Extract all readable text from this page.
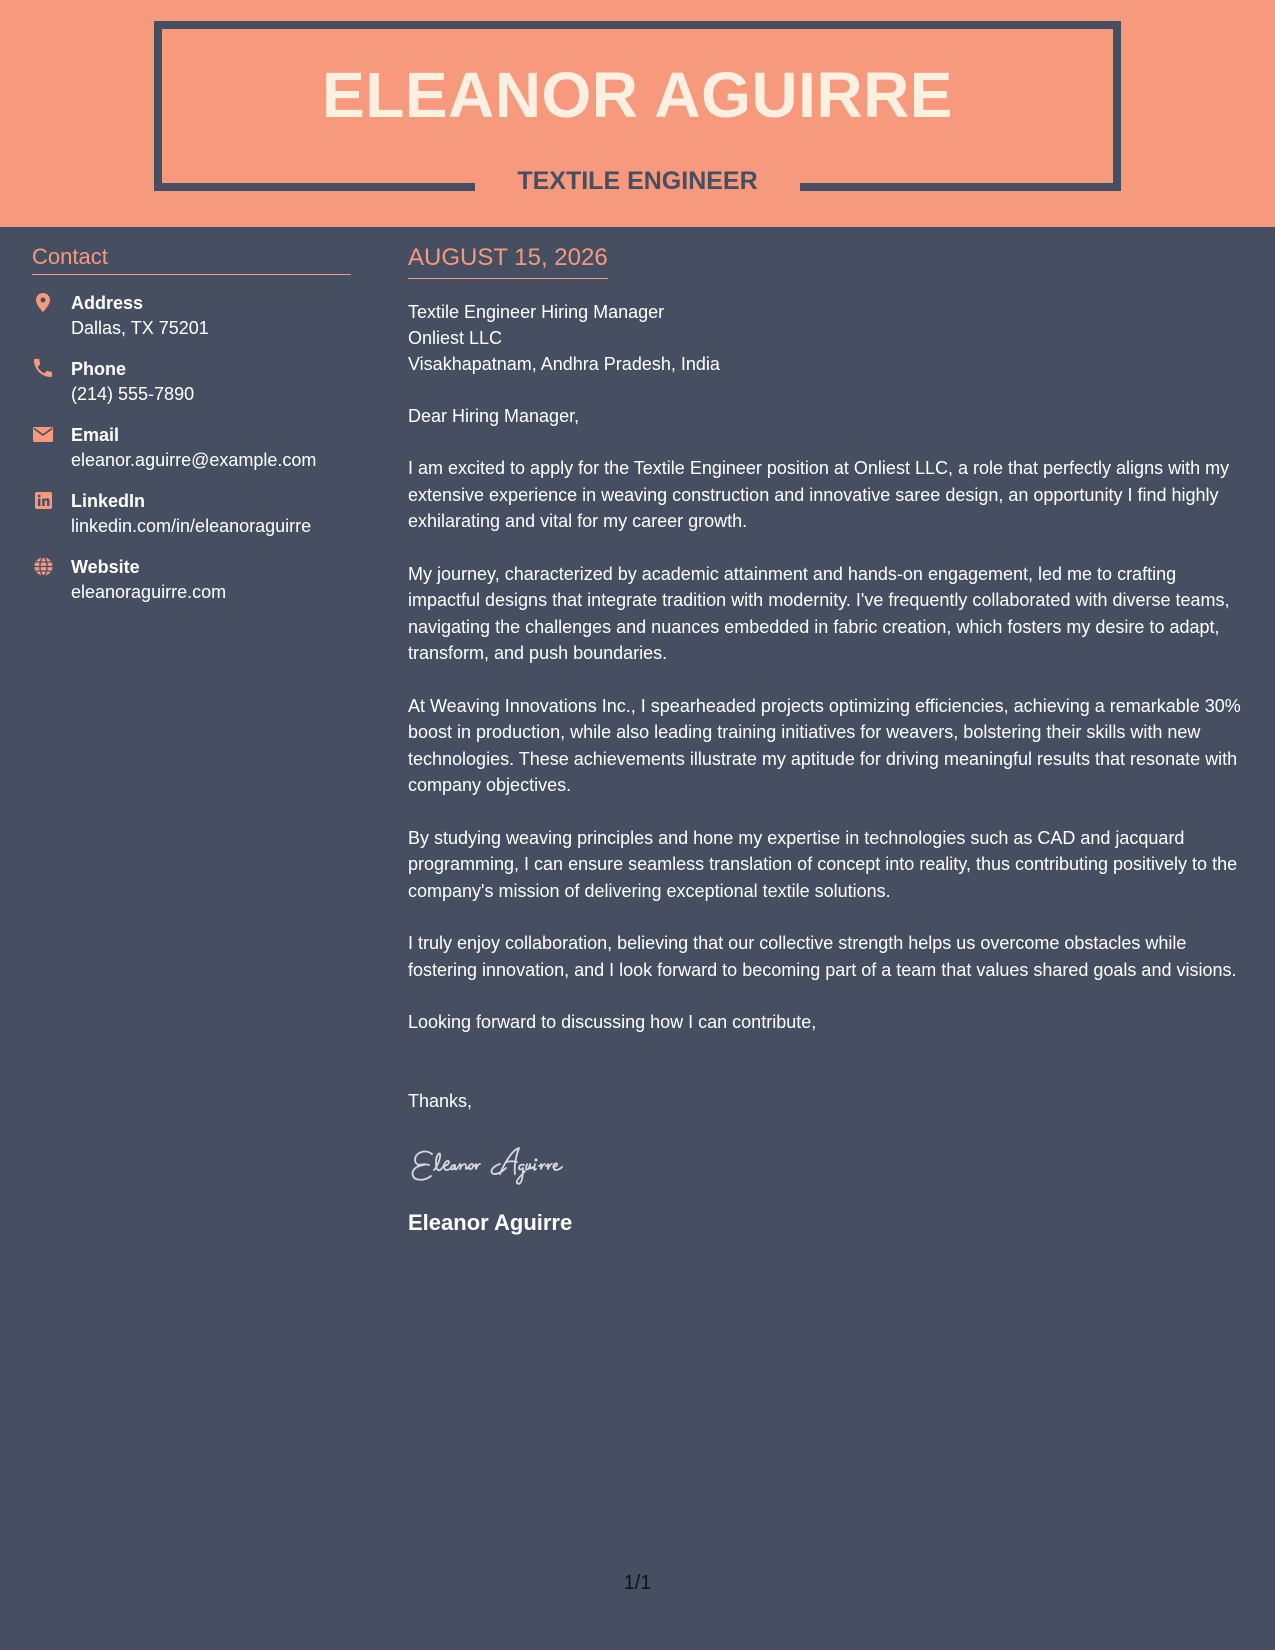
ELEANOR AGUIRRE
TEXTILE ENGINEER
Contact
Address
Dallas, TX 75201
Phone
(214) 555-7890
Email
eleanor.aguirre@example.com
LinkedIn
linkedin.com/in/eleanoraguirre
Website
eleanoraguirre.com
AUGUST 15, 2026
Textile Engineer Hiring Manager
Onliest LLC
Visakhapatnam, Andhra Pradesh, India
Dear Hiring Manager,
I am excited to apply for the Textile Engineer position at Onliest LLC, a role that perfectly aligns with my extensive experience in weaving construction and innovative saree design, an opportunity I find highly exhilarating and vital for my career growth.
My journey, characterized by academic attainment and hands-on engagement, led me to crafting impactful designs that integrate tradition with modernity. I've frequently collaborated with diverse teams, navigating the challenges and nuances embedded in fabric creation, which fosters my desire to adapt, transform, and push boundaries.
At Weaving Innovations Inc., I spearheaded projects optimizing efficiencies, achieving a remarkable 30% boost in production, while also leading training initiatives for weavers, bolstering their skills with new technologies. These achievements illustrate my aptitude for driving meaningful results that resonate with company objectives.
By studying weaving principles and hone my expertise in technologies such as CAD and jacquard programming, I can ensure seamless translation of concept into reality, thus contributing positively to the company's mission of delivering exceptional textile solutions.
I truly enjoy collaboration, believing that our collective strength helps us overcome obstacles while fostering innovation, and I look forward to becoming part of a team that values shared goals and visions.
Looking forward to discussing how I can contribute,
Thanks,
Eleanor Aguirre
1/1
